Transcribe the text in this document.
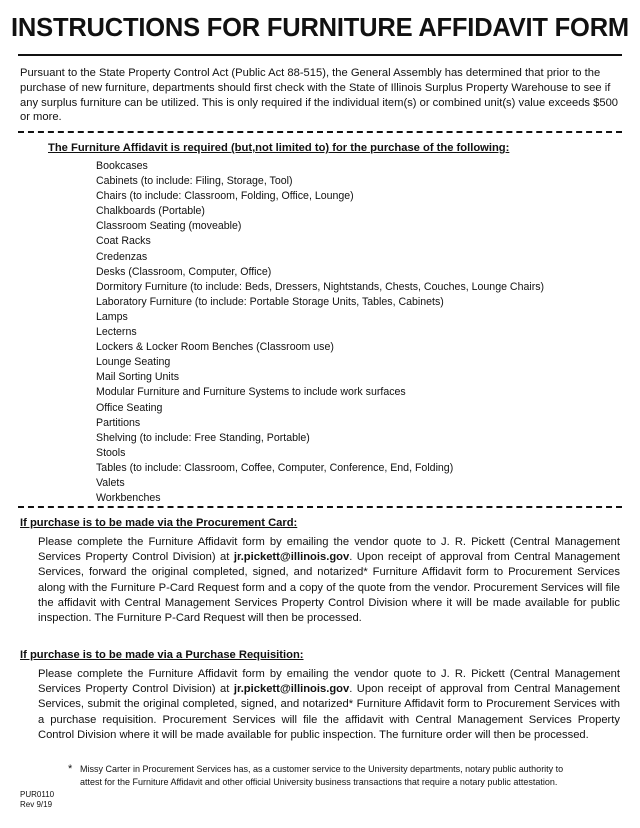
INSTRUCTIONS FOR FURNITURE AFFIDAVIT FORM
Pursuant to the State Property Control Act (Public Act 88-515), the General Assembly has determined that prior to the purchase of new furniture, departments should first check with the State of Illinois Surplus Property Warehouse to see if any surplus furniture can be utilized. This is only required if the individual item(s) or combined unit(s) value exceeds $500 or more.
The Furniture Affidavit is required (but,not limited to) for the purchase of the following:
Bookcases
Cabinets (to include: Filing, Storage, Tool)
Chairs (to include: Classroom, Folding, Office, Lounge)
Chalkboards (Portable)
Classroom Seating (moveable)
Coat Racks
Credenzas
Desks (Classroom, Computer, Office)
Dormitory Furniture (to include: Beds, Dressers, Nightstands, Chests, Couches, Lounge Chairs)
Laboratory Furniture (to include: Portable Storage Units, Tables, Cabinets)
Lamps
Lecterns
Lockers & Locker Room Benches (Classroom use)
Lounge Seating
Mail Sorting Units
Modular Furniture and Furniture Systems to include work surfaces
Office Seating
Partitions
Shelving (to include: Free Standing, Portable)
Stools
Tables (to include: Classroom, Coffee, Computer, Conference, End, Folding)
Valets
Workbenches
If purchase is to be made via the Procurement Card:
Please complete the Furniture Affidavit form by emailing the vendor quote to J. R. Pickett (Central Management Services Property Control Division) at jr.pickett@illinois.gov. Upon receipt of approval from Central Management Services, forward the original completed, signed, and notarized* Furniture Affidavit form to Procurement Services along with the Furniture P-Card Request form and a copy of the quote from the vendor. Procurement Services will file the affidavit with Central Management Services Property Control Division where it will be made available for public inspection. The Furniture P-Card Request will then be processed.
If purchase is to be made via a Purchase Requisition:
Please complete the Furniture Affidavit form by emailing the vendor quote to J. R. Pickett (Central Management Services Property Control Division) at jr.pickett@illinois.gov. Upon receipt of approval from Central Management Services, submit the original completed, signed, and notarized* Furniture Affidavit form to Procurement Services with a purchase requisition. Procurement Services will file the affidavit with Central Management Services Property Control Division where it will be made available for public inspection. The furniture order will then be processed.
* Missy Carter in Procurement Services has, as a customer service to the University departments, notary public authority to attest for the Furniture Affidavit and other official University business transactions that require a notary public attestation.
PUR0110
Rev 9/19
